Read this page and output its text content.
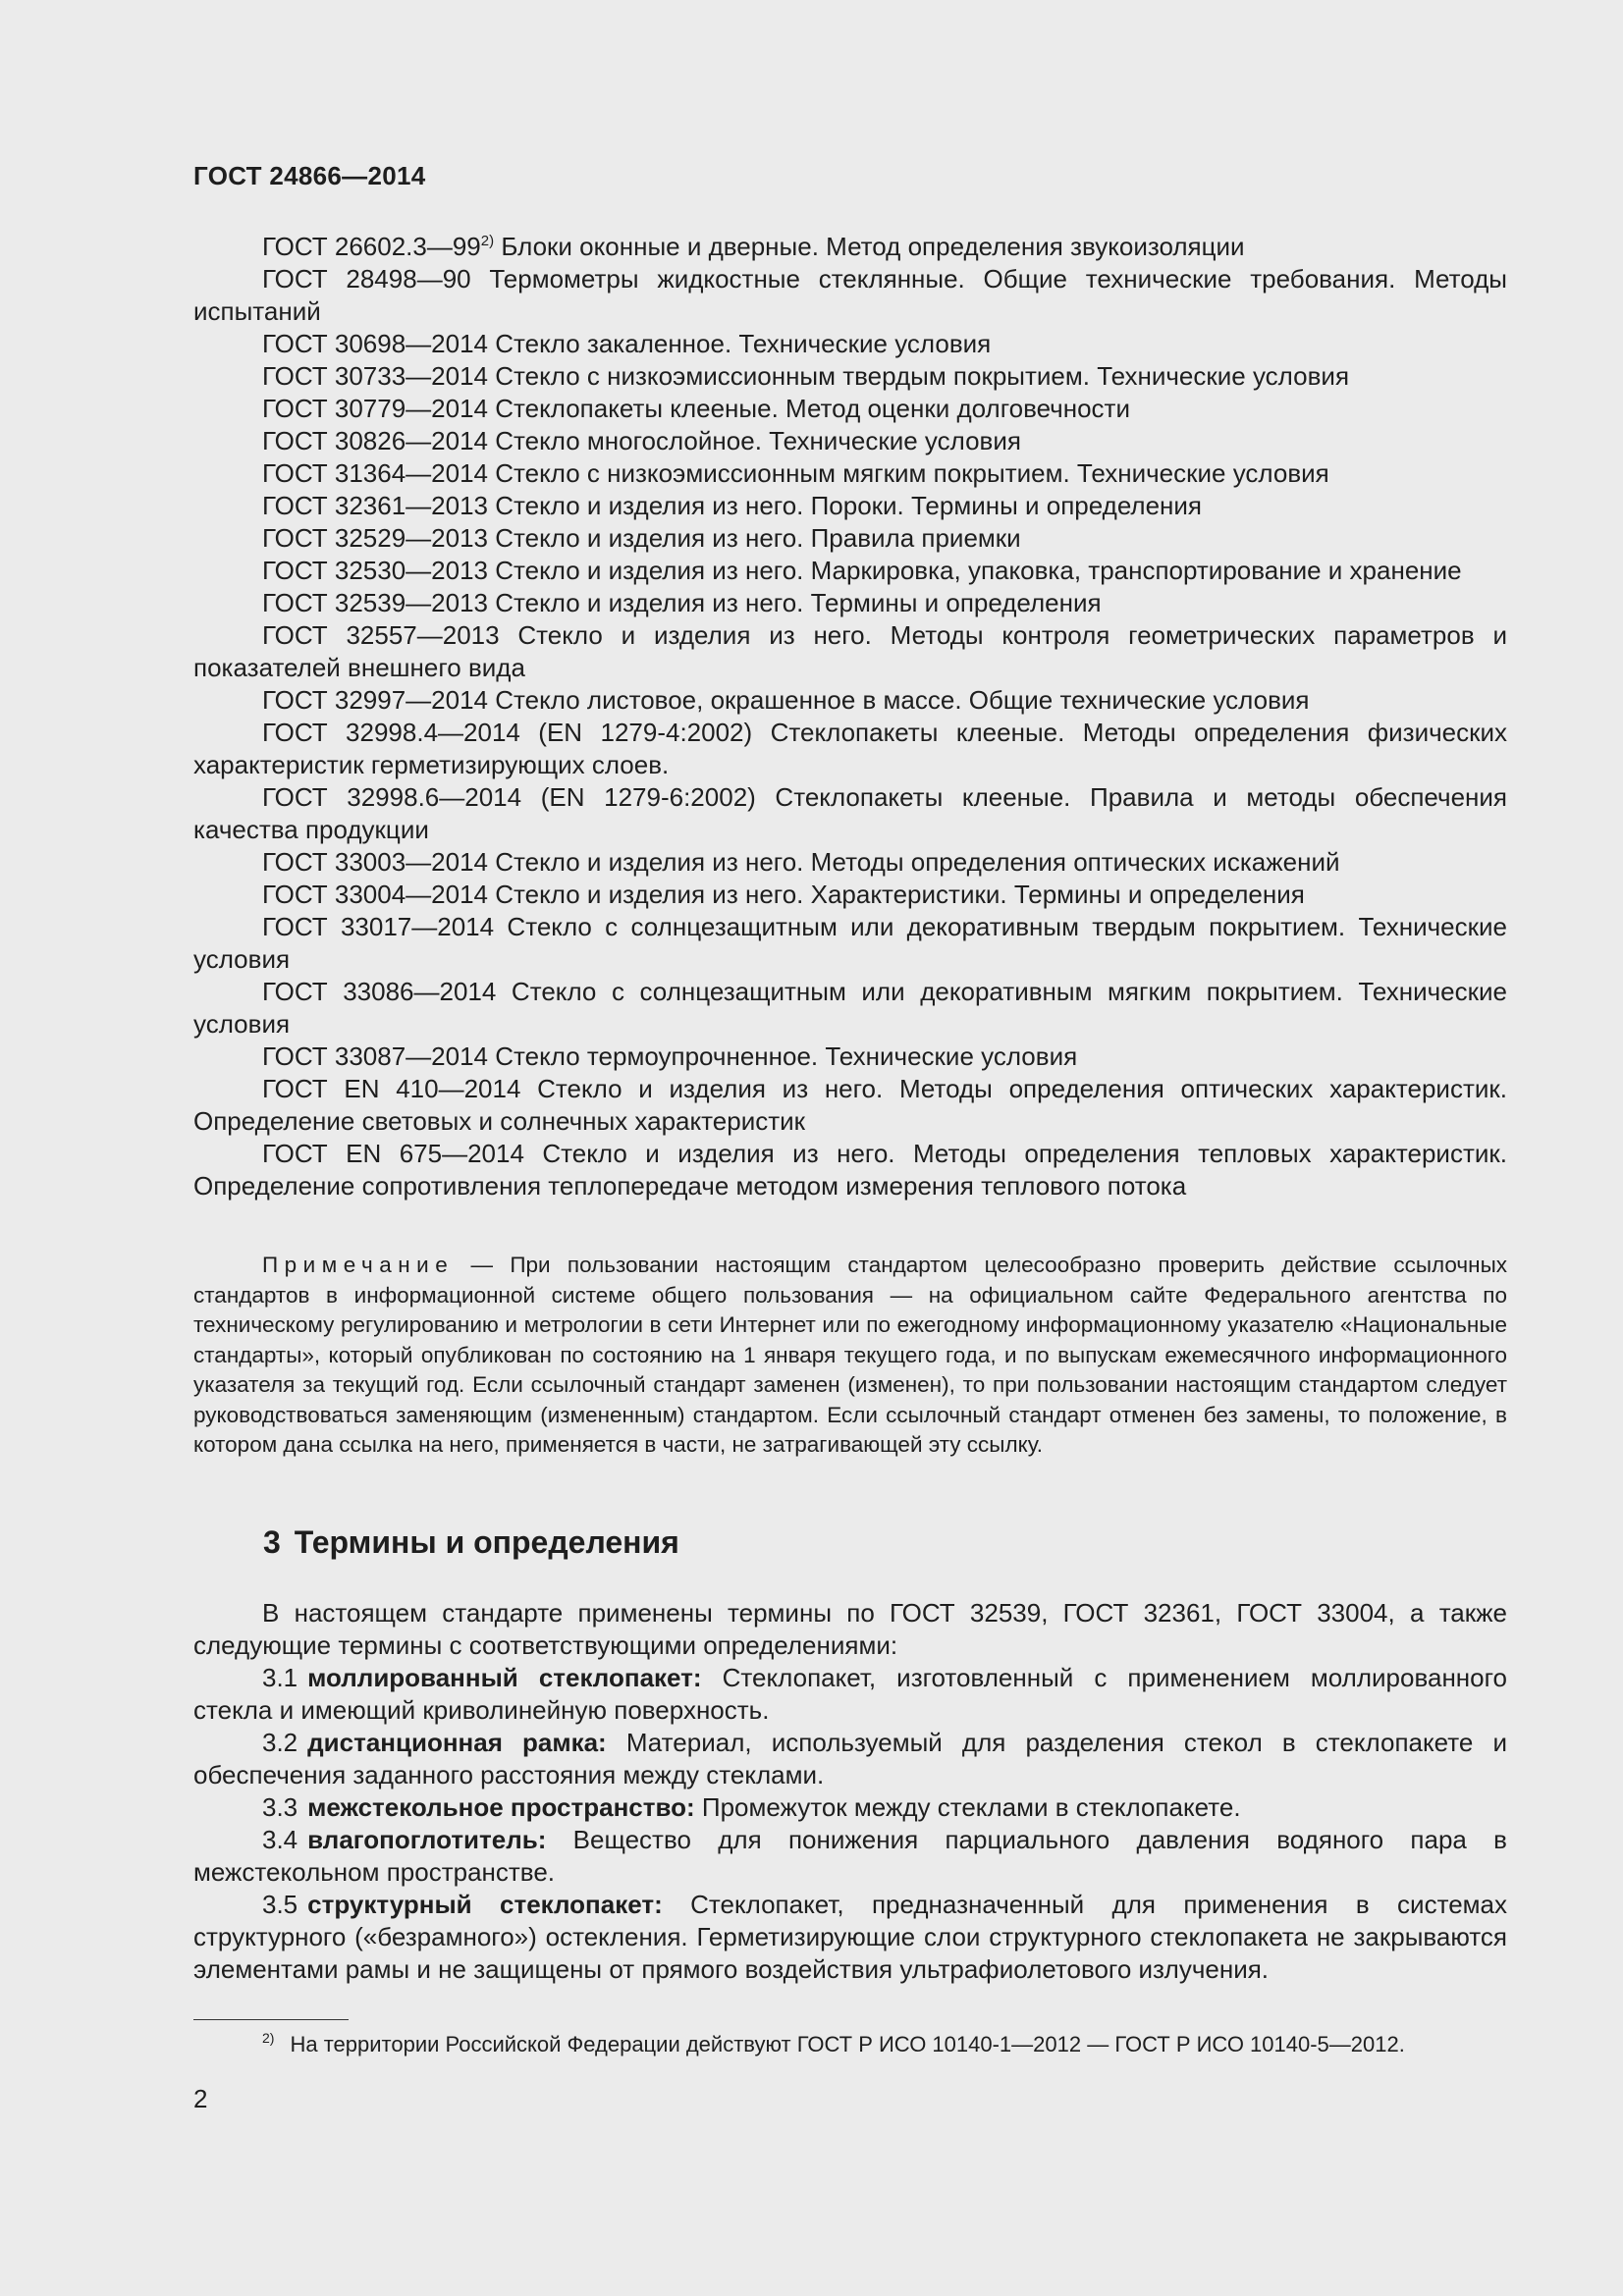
ГОСТ 24866—2014

ГОСТ 26602.3—99$^{2)}$ Блоки оконные и дверные. Метод определения звукоизоляции

ГОСТ 28498—90 Термометры жидкостные стеклянные. Общие технические требования. Методы испытаний

ГОСТ 30698—2014 Стекло закаленное. Технические условия

ГОСТ 30733—2014 Стекло с низкоэмиссионным твердым покрытием. Технические условия

ГОСТ 30779—2014 Стеклопакеты клееные. Метод оценки долговечности

ГОСТ 30826—2014 Стекло многослойное. Технические условия

ГОСТ 31364—2014 Стекло с низкоэмиссионным мягким покрытием. Технические условия

ГОСТ 32361—2013 Стекло и изделия из него. Пороки. Термины и определения

ГОСТ 32529—2013 Стекло и изделия из него. Правила приемки

ГОСТ 32530—2013 Стекло и изделия из него. Маркировка, упаковка, транспортирование и хранение

ГОСТ 32539—2013 Стекло и изделия из него. Термины и определения

ГОСТ 32557—2013 Стекло и изделия из него. Методы контроля геометрических параметров и показателей внешнего вида

ГОСТ 32997—2014 Стекло листовое, окрашенное в массе. Общие технические условия

ГОСТ 32998.4—2014 (EN 1279-4:2002) Стеклопакеты клееные. Методы определения физических характеристик герметизирующих слоев.

ГОСТ 32998.6—2014 (EN 1279-6:2002) Стеклопакеты клееные. Правила и методы обеспечения качества продукции

ГОСТ 33003—2014 Стекло и изделия из него. Методы определения оптических искажений

ГОСТ 33004—2014 Стекло и изделия из него. Характеристики. Термины и определения

ГОСТ 33017—2014 Стекло с солнцезащитным или декоративным твердым покрытием. Технические условия

ГОСТ 33086—2014 Стекло с солнцезащитным или декоративным мягким покрытием. Технические условия

ГОСТ 33087—2014 Стекло термоупрочненное. Технические условия

ГОСТ EN 410—2014 Стекло и изделия из него. Методы определения оптических характеристик. Определение световых и солнечных характеристик

ГОСТ EN 675—2014 Стекло и изделия из него. Методы определения тепловых характеристик. Определение сопротивления теплопередаче методом измерения теплового потока

Примечание — При пользовании настоящим стандартом целесообразно проверить действие ссылочных стандартов в информационной системе общего пользования — на официальном сайте Федерального агентства по техническому регулированию и метрологии в сети Интернет или по ежегодному информационному указателю «Национальные стандарты», который опубликован по состоянию на 1 января текущего года, и по выпускам ежемесячного информационного указателя за текущий год. Если ссылочный стандарт заменен (изменен), то при пользовании настоящим стандартом следует руководствоваться заменяющим (измененным) стандартом. Если ссылочный стандарт отменен без замены, то положение, в котором дана ссылка на него, применяется в части, не затрагивающей эту ссылку.
3 Термины и определения

В настоящем стандарте применены термины по ГОСТ 32539, ГОСТ 32361, ГОСТ 33004, а также следующие термины с соответствующими определениями:

3.1 моллированный стеклопакет: Стеклопакет, изготовленный с применением моллированного стекла и имеющий криволинейную поверхность.

3.2 дистанционная рамка: Материал, используемый для разделения стекол в стеклопакете и обеспечения заданного расстояния между стеклами.

3.3 межстекольное пространство: Промежуток между стеклами в стеклопакете.

3.4 влагопоглотитель: Вещество для понижения парциального давления водяного пара в межстекольном пространстве.

3.5 структурный стеклопакет: Стеклопакет, предназначенный для применения в системах структурного («безрамного») остекления. Герметизирующие слои структурного стеклопакета не закрываются элементами рамы и не защищены от прямого воздействия ультрафиолетового излучения.

$^{2)}$ На территории Российской Федерации действуют ГОСТ Р ИСО 10140-1—2012 — ГОСТ Р ИСО 10140-5—2012.
2
